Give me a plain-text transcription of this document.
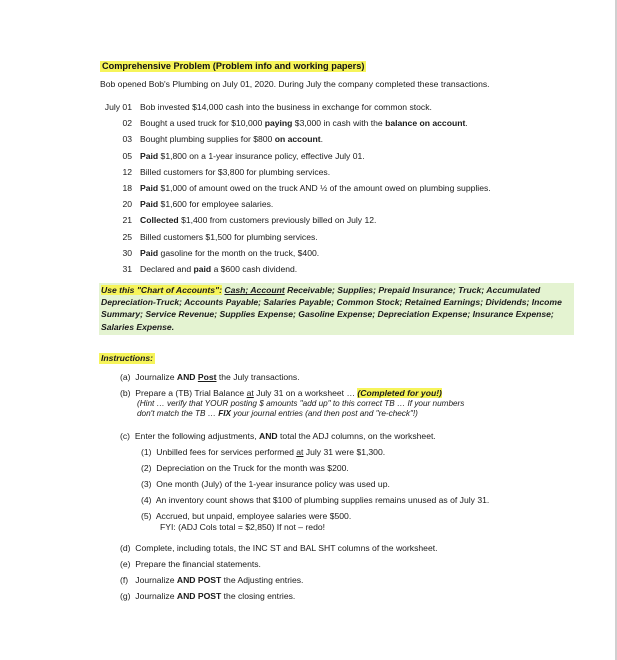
Comprehensive Problem (Problem info and working papers)
Bob opened Bob's Plumbing on July 01, 2020. During July the company completed these transactions.
July 01 Bob invested $14,000 cash into the business in exchange for common stock.
02 Bought a used truck for $10,000 paying $3,000 in cash with the balance on account.
03 Bought plumbing supplies for $800 on account.
05 Paid $1,800 on a 1-year insurance policy, effective July 01.
12 Billed customers for $3,800 for plumbing services.
18 Paid $1,000 of amount owed on the truck AND ½ of the amount owed on plumbing supplies.
20 Paid $1,600 for employee salaries.
21 Collected $1,400 from customers previously billed on July 12.
25 Billed customers $1,500 for plumbing services.
30 Paid gasoline for the month on the truck, $400.
31 Declared and paid a $600 cash dividend.
Use this "Chart of Accounts": Cash; Account Receivable; Supplies; Prepaid Insurance; Truck; Accumulated Depreciation-Truck; Accounts Payable; Salaries Payable; Common Stock; Retained Earnings; Dividends; Income Summary; Service Revenue; Supplies Expense; Gasoline Expense; Depreciation Expense; Insurance Expense; Salaries Expense.
Instructions:
(a) Journalize AND Post the July transactions.
(b) Prepare a (TB) Trial Balance at July 31 on a worksheet … (Completed for you!)
(Hint … verify that YOUR posting $ amounts "add up" to this correct TB … If your numbers
don't match the TB … FIX your journal entries (and then post and "re-check"!)
(c) Enter the following adjustments, AND total the ADJ columns, on the worksheet.
(1) Unbilled fees for services performed at July 31 were $1,300.
(2) Depreciation on the Truck for the month was $200.
(3) One month (July) of the 1-year insurance policy was used up.
(4) An inventory count shows that $100 of plumbing supplies remains unused as of July 31.
(5) Accrued, but unpaid, employee salaries were $500.
FYI: (ADJ Cols total = $2,850) If not – redo!
(d) Complete, including totals, the INC ST and BAL SHT columns of the worksheet.
(e) Prepare the financial statements.
(f) Journalize AND POST the Adjusting entries.
(g) Journalize AND POST the closing entries.
